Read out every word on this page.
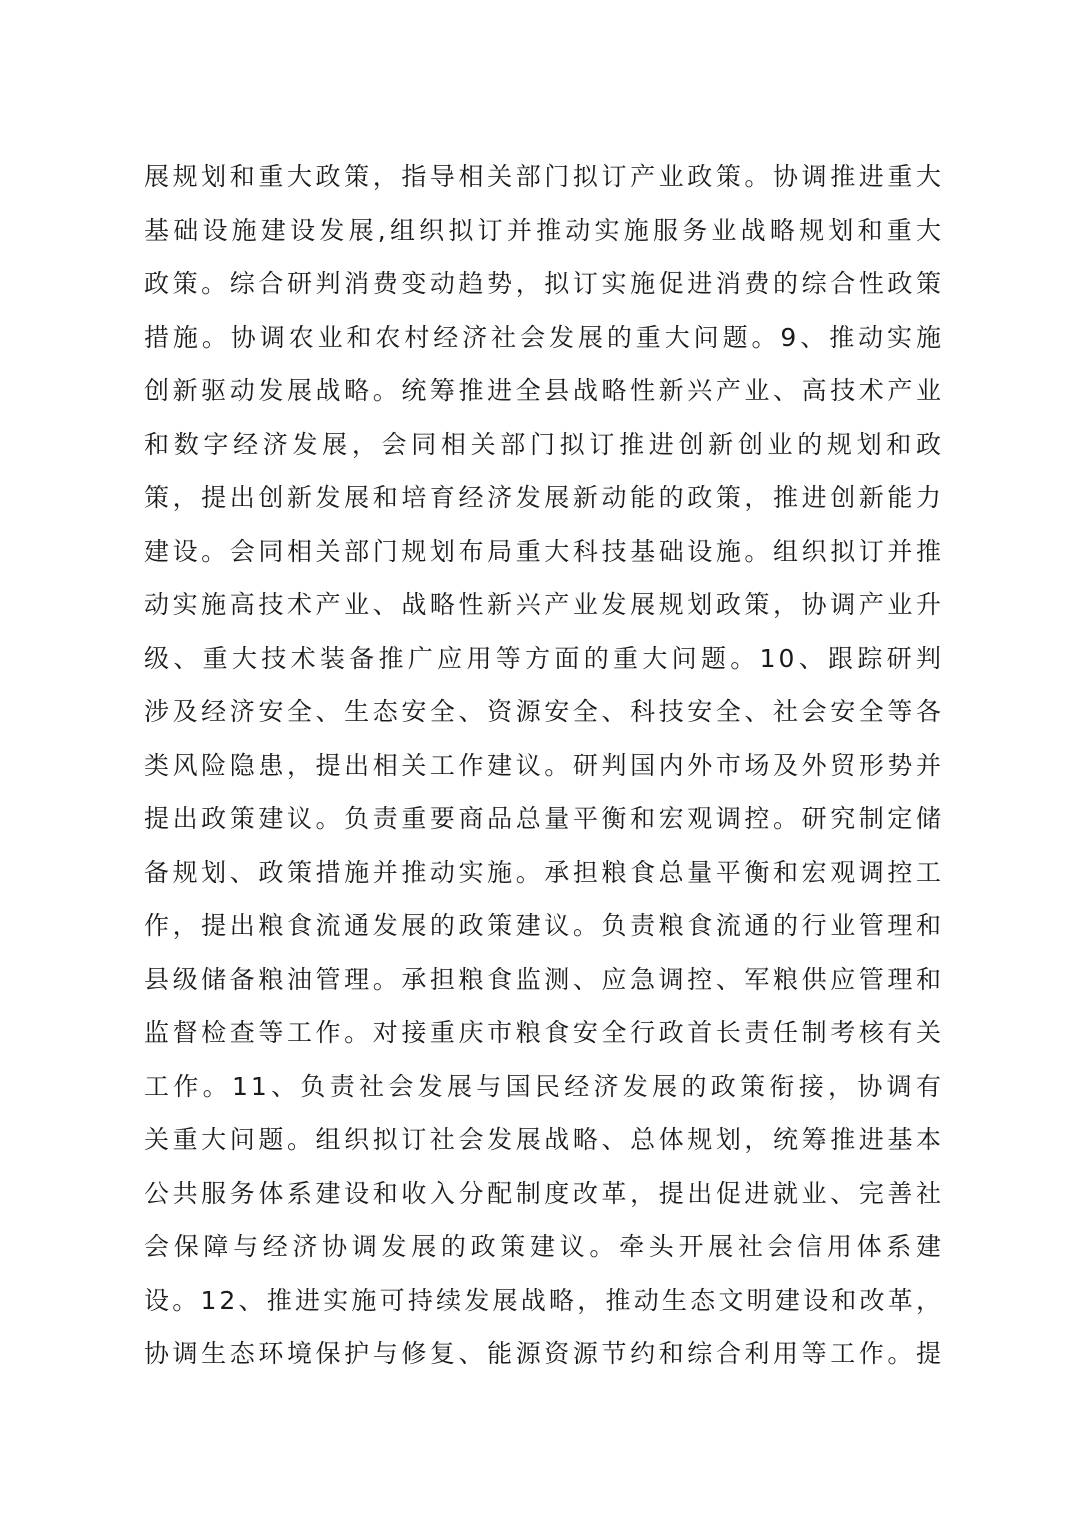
展规划和重大政策，指导相关部门拟订产业政策。协调推进重大
基础设施建设发展,组织拟订并推动实施服务业战略规划和重大
政策。综合研判消费变动趋势，拟订实施促进消费的综合性政策
措施。协调农业和农村经济社会发展的重大问题。9、推动实施
创新驱动发展战略。统筹推进全县战略性新兴产业、高技术产业
和数字经济发展，会同相关部门拟订推进创新创业的规划和政
策，提出创新发展和培育经济发展新动能的政策，推进创新能力
建设。会同相关部门规划布局重大科技基础设施。组织拟订并推
动实施高技术产业、战略性新兴产业发展规划政策，协调产业升
级、重大技术装备推广应用等方面的重大问题。10、跟踪研判
涉及经济安全、生态安全、资源安全、科技安全、社会安全等各
类风险隐患，提出相关工作建议。研判国内外市场及外贸形势并
提出政策建议。负责重要商品总量平衡和宏观调控。研究制定储
备规划、政策措施并推动实施。承担粮食总量平衡和宏观调控工
作，提出粮食流通发展的政策建议。负责粮食流通的行业管理和
县级储备粮油管理。承担粮食监测、应急调控、军粮供应管理和
监督检查等工作。对接重庆市粮食安全行政首长责任制考核有关
工作。11、负责社会发展与国民经济发展的政策衔接，协调有
关重大问题。组织拟订社会发展战略、总体规划，统筹推进基本
公共服务体系建设和收入分配制度改革，提出促进就业、完善社
会保障与经济协调发展的政策建议。牵头开展社会信用体系建
设。12、推进实施可持续发展战略，推动生态文明建设和改革，
协调生态环境保护与修复、能源资源节约和综合利用等工作。提
